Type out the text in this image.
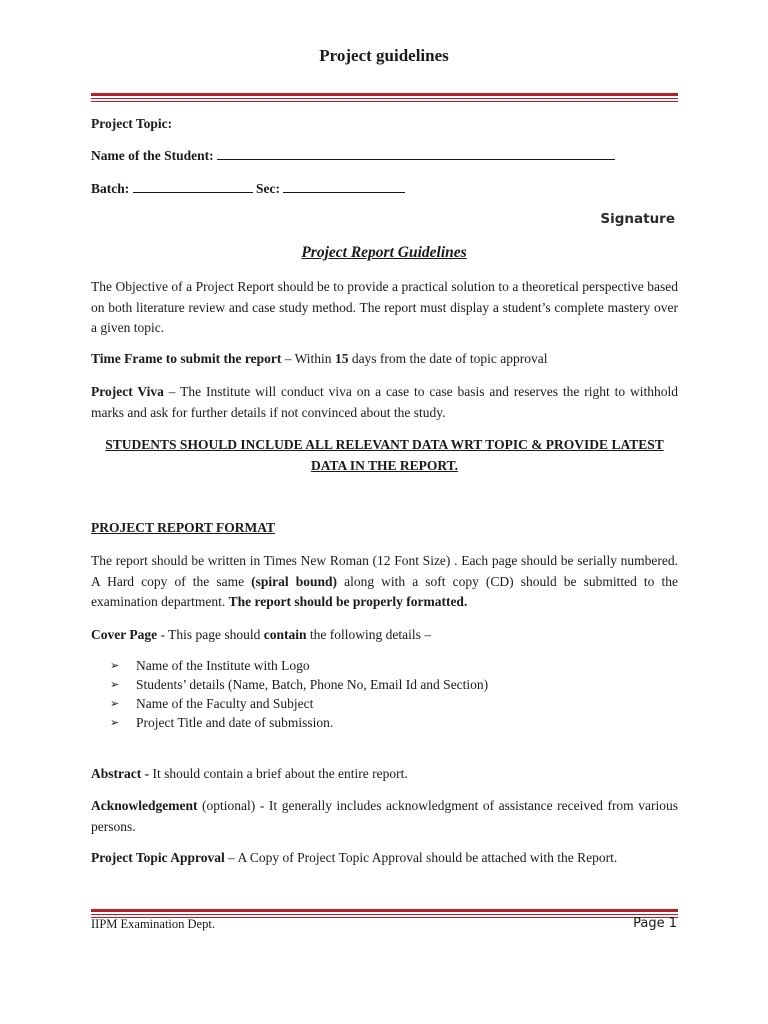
Project guidelines
Project Topic:
Name of the Student:
Batch:	Sec:
Signature
Project Report Guidelines
The Objective of a Project Report should be to provide a practical solution to a theoretical perspective based on both literature review and case study method. The report must display a student’s complete mastery over a given topic.
Time Frame to submit the report – Within 15 days from the date of topic approval
Project Viva – The Institute will conduct viva on a case to case basis and reserves the right to withhold marks and ask for further details if not convinced about the study.
STUDENTS SHOULD INCLUDE ALL RELEVANT DATA WRT TOPIC & PROVIDE LATEST DATA IN THE REPORT.
PROJECT REPORT FORMAT
The report should be written in Times New Roman (12 Font Size) . Each page should be serially numbered. A Hard copy of the same (spiral bound) along with a soft copy (CD) should be submitted to the examination department. The report should be properly formatted.
Cover Page - This page should contain the following details –
➢ Name of the Institute with Logo
➢ Students’ details (Name, Batch, Phone No, Email Id and Section)
➢ Name of the Faculty and Subject
➢ Project Title and date of submission.
Abstract - It should contain a brief about the entire report.
Acknowledgement (optional) - It generally includes acknowledgment of assistance received from various persons.
Project Topic Approval – A Copy of Project Topic Approval should be attached with the Report.
IIPM Examination Dept.	Page 1
